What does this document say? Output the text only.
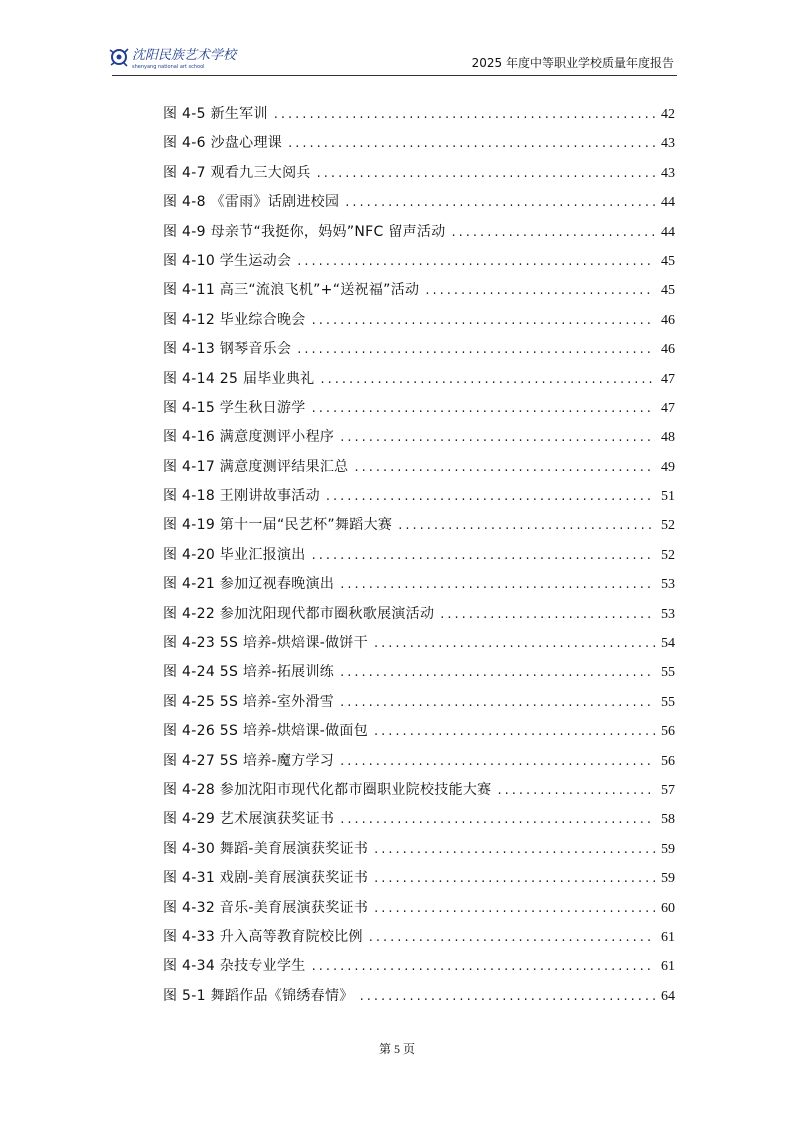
沈阳民族艺术学校
shenyang national art school	2025 年度中等职业学校质量年度报告
图 4-5 新生军训 .....	42
图 4-6 沙盘心理课 .....	43
图 4-7 观看九三大阅兵 .....	43
图 4-8 《雷雨》话剧进校园 .....	44
图 4-9 母亲节“我挺你，妈妈”NFC 留声活动 .....	44
图 4-10 学生运动会 .....	45
图 4-11 高三“流浪飞机”+“送祝福”活动 .....	45
图 4-12 毕业综合晚会 .....	46
图 4-13 钢琴音乐会 .....	46
图 4-14 25 届毕业典礼 .....	47
图 4-15 学生秋日游学 .....	47
图 4-16 满意度测评小程序 .....	48
图 4-17 满意度测评结果汇总 .....	49
图 4-18 王刚讲故事活动 .....	51
图 4-19 第十一届“民艺杯”舞蹈大赛 .....	52
图 4-20 毕业汇报演出 .....	52
图 4-21 参加辽视春晚演出 .....	53
图 4-22 参加沈阳现代都市圈秋歌展演活动 .....	53
图 4-23 5S 培养-烘焙课-做饼干 .....	54
图 4-24 5S 培养-拓展训练 .....	55
图 4-25 5S 培养-室外滑雪 .....	55
图 4-26 5S 培养-烘焙课-做面包 .....	56
图 4-27 5S 培养-魔方学习 .....	56
图 4-28 参加沈阳市现代化都市圈职业院校技能大赛 .....	57
图 4-29 艺术展演获奖证书 .....	58
图 4-30 舞蹈-美育展演获奖证书 .....	59
图 4-31 戏剧-美育展演获奖证书 .....	59
图 4-32 音乐-美育展演获奖证书 .....	60
图 4-33 升入高等教育院校比例 .....	61
图 4-34 杂技专业学生 .....	61
图 5-1 舞蹈作品《锦绣春情》 .....	64
第 5 页
